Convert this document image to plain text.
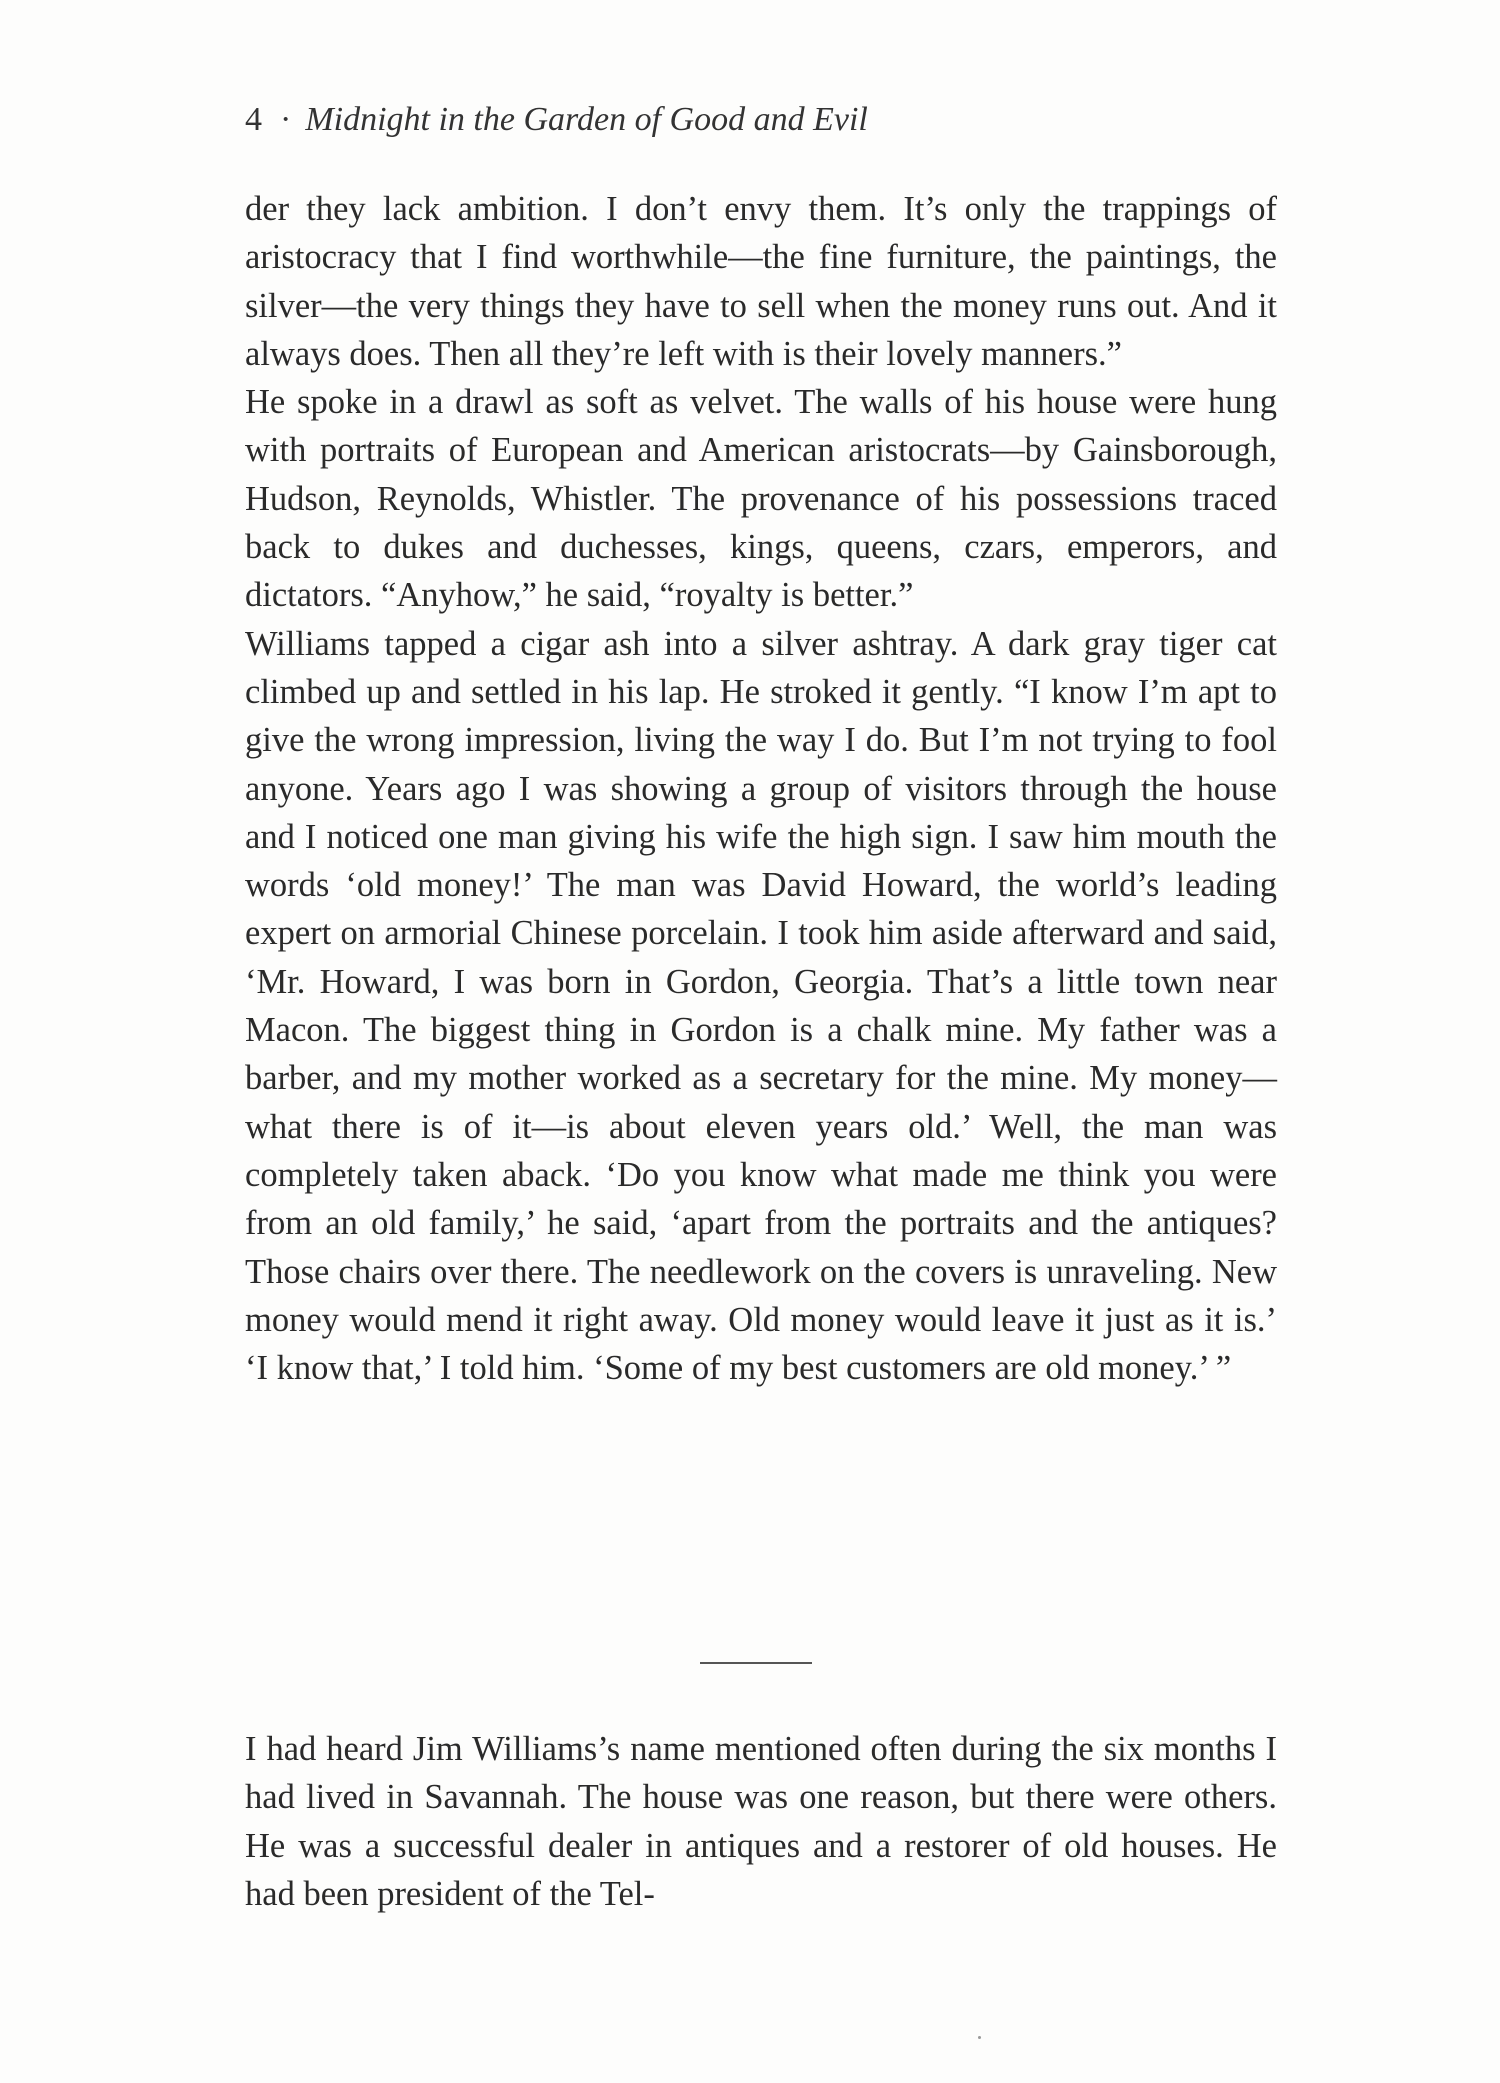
4 · Midnight in the Garden of Good and Evil

der they lack ambition. I don’t envy them. It’s only the trappings of aristocracy that I find worthwhile—the fine furniture, the paintings, the silver—the very things they have to sell when the money runs out. And it always does. Then all they’re left with is their lovely manners.”

He spoke in a drawl as soft as velvet. The walls of his house were hung with portraits of European and American aristocrats—by Gainsborough, Hudson, Reynolds, Whistler. The provenance of his possessions traced back to dukes and duchesses, kings, queens, czars, emperors, and dictators. “Anyhow,” he said, “royalty is better.”

Williams tapped a cigar ash into a silver ashtray. A dark gray tiger cat climbed up and settled in his lap. He stroked it gently. “I know I’m apt to give the wrong impression, living the way I do. But I’m not trying to fool anyone. Years ago I was showing a group of visitors through the house and I noticed one man giving his wife the high sign. I saw him mouth the words ‘old money!’ The man was David Howard, the world’s leading expert on armorial Chinese porcelain. I took him aside afterward and said, ‘Mr. Howard, I was born in Gordon, Georgia. That’s a little town near Macon. The biggest thing in Gordon is a chalk mine. My father was a barber, and my mother worked as a secretary for the mine. My money—what there is of it—is about eleven years old.’ Well, the man was completely taken aback. ‘Do you know what made me think you were from an old family,’ he said, ‘apart from the portraits and the antiques? Those chairs over there. The needlework on the covers is unraveling. New money would mend it right away. Old money would leave it just as it is.’ ‘I know that,’ I told him. ‘Some of my best customers are old money.’ ”

I had heard Jim Williams’s name mentioned often during the six months I had lived in Savannah. The house was one reason, but there were others. He was a successful dealer in antiques and a restorer of old houses. He had been president of the Tel-
